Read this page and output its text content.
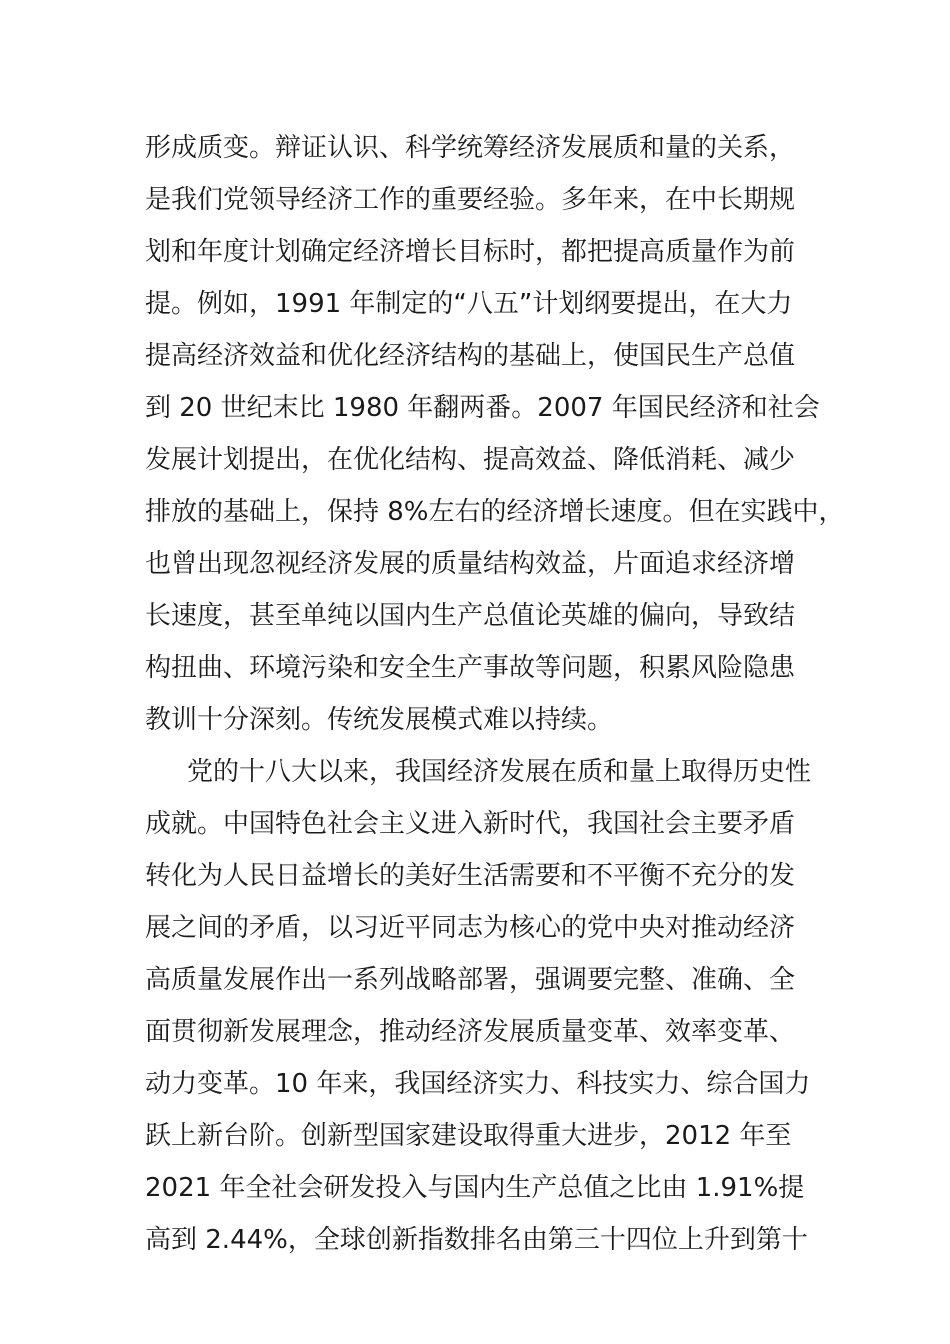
形成质变。辩证认识、科学统筹经济发展质和量的关系，
是我们党领导经济工作的重要经验。多年来，在中长期规
划和年度计划确定经济增长目标时，都把提高质量作为前
提。例如，1991 年制定的“八五”计划纲要提出，在大力
提高经济效益和优化经济结构的基础上，使国民生产总值
到 20 世纪末比 1980 年翻两番。2007 年国民经济和社会
发展计划提出，在优化结构、提高效益、降低消耗、减少
排放的基础上，保持 8%左右的经济增长速度。但在实践中，
也曾出现忽视经济发展的质量结构效益，片面追求经济增
长速度，甚至单纯以国内生产总值论英雄的偏向，导致结
构扭曲、环境污染和安全生产事故等问题，积累风险隐患
教训十分深刻。传统发展模式难以持续。
党的十八大以来，我国经济发展在质和量上取得历史性
成就。中国特色社会主义进入新时代，我国社会主要矛盾
转化为人民日益增长的美好生活需要和不平衡不充分的发
展之间的矛盾，以习近平同志为核心的党中央对推动经济
高质量发展作出一系列战略部署，强调要完整、准确、全
面贯彻新发展理念，推动经济发展质量变革、效率变革、
动力变革。10 年来，我国经济实力、科技实力、综合国力
跃上新台阶。创新型国家建设取得重大进步，2012 年至
2021 年全社会研发投入与国内生产总值之比由 1.91%提
高到 2.44%，全球创新指数排名由第三十四位上升到第十
